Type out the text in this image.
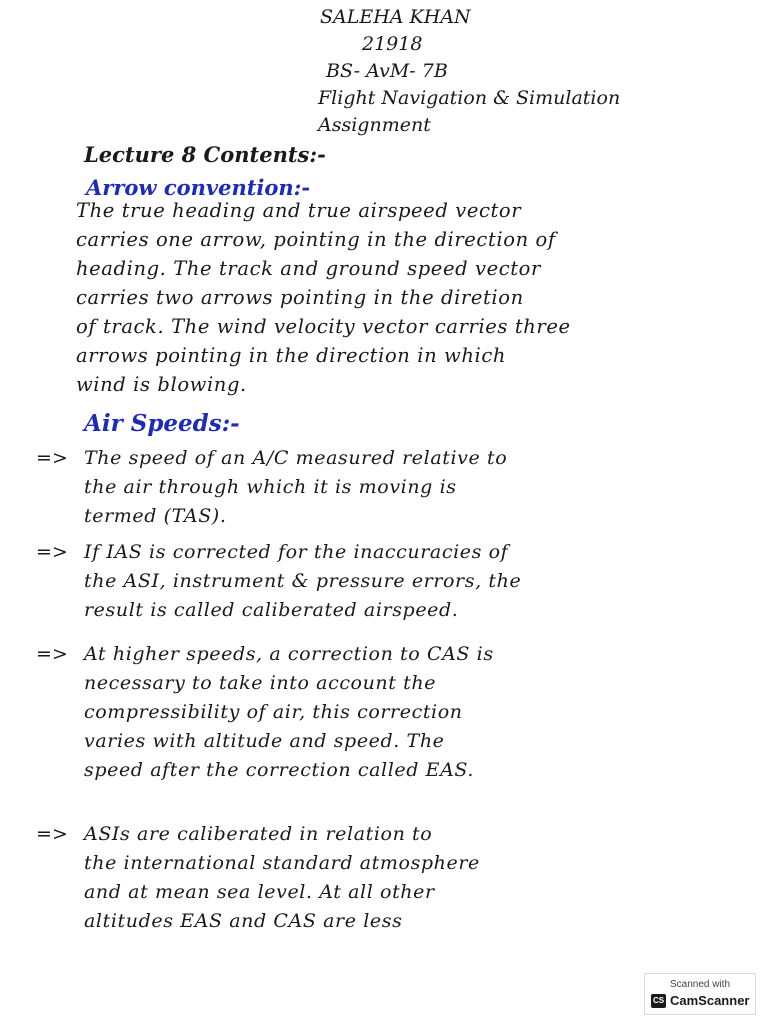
SALEHA KHAN
21918
BS- AvM- 7B
Flight Navigation & Simulation
Assignment
Lecture 8 Contents:-
Arrow convention:-
The true heading and true airspeed vector
carries one arrow, pointing in the direction of
heading. The track and ground speed vector
carries two arrows pointing in the diretion
of track. The wind velocity vector carries three
arrows pointing in the direction in which
wind is blowing.
Air Speeds:-
=> The speed of an A/C measured relative to
the air through which it is moving is
termed (TAS).
=> If IAS is corrected for the inaccuracies of
the ASI, instrument & pressure errors, the
result is called caliberated airspeed.
=> At higher speeds, a correction to CAS is
necessary to take into account the
compressibility of air, this correction
varies with altitude and speed. The
speed after the correction called EAS.
=> ASIs are caliberated in relation to
the international standard atmosphere
and at mean sea level. At all other
altitudes EAS and CAS are less
Scanned with
CS CamScanner
